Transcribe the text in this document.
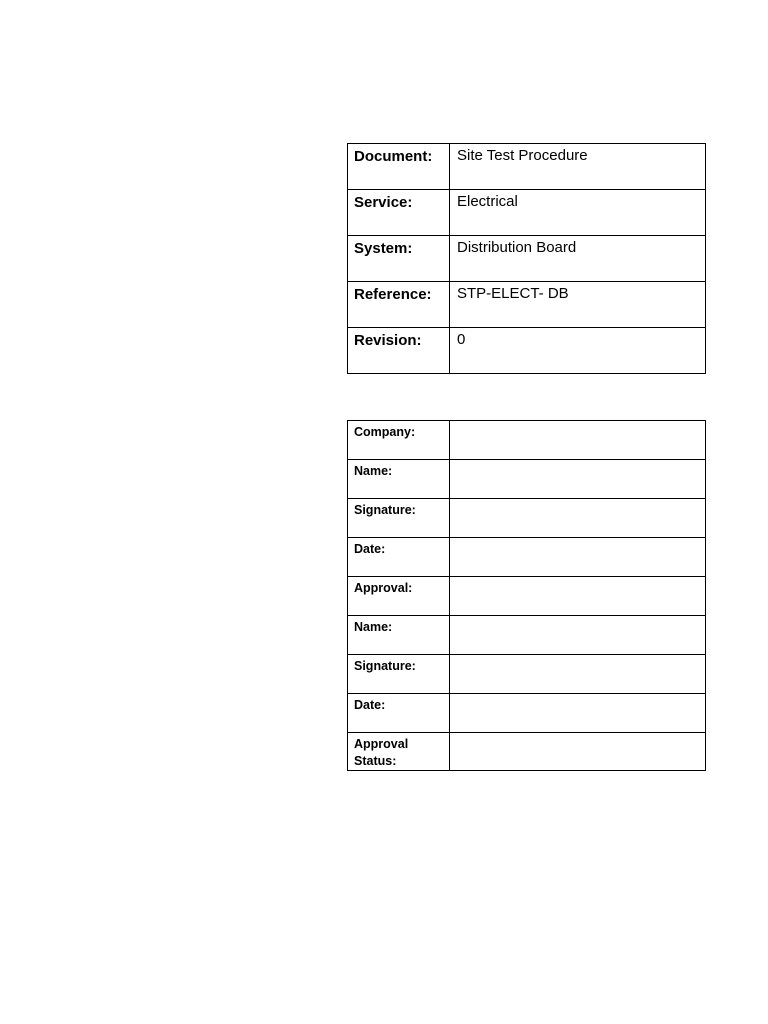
Document:	Site Test Procedure
Service:	Electrical
System:	Distribution Board
Reference:	STP-ELECT- DB
Revision:	0
Company:	
Name:	
Signature:	
Date:	
Approval:	
Name:	
Signature:	
Date:	
Approval Status:	
